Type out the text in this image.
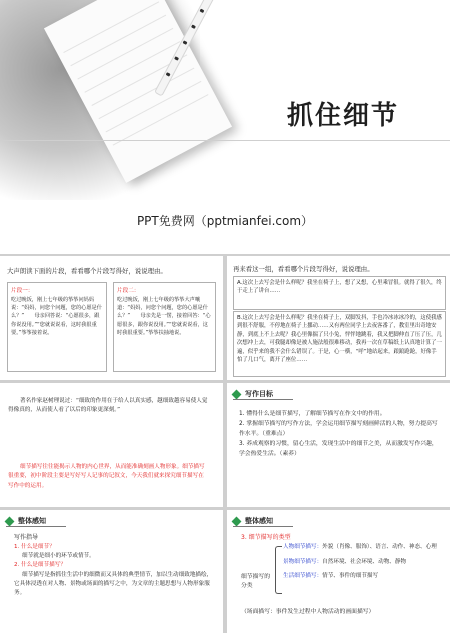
抓住细节
PPT免费网（pptmianfei.com）
大声朗读下面的片段，看看哪个片段写得好，说说理由。
片段一：
吃过晚饭，刚上七年级的筝筝问妈妈说：“妈妈，问您个问题，您的心愿是什么？”　　母亲回答说：“心愿很多，跟你说没用。”“您就说说看，这时我很重要。”筝筝接着说。
片段二：
吃过晚饭，刚上七年级的筝筝大声嚷道：“妈妈，问您个问题，您的心愿是什么？”　　母亲先是一愣，接着回答：“心愿很多，跟你说没用。”“您就说说看，这时我很重要。”筝筝扶抽地说。
再来看这一组，看看哪个片段写得好，说说理由。
A.这次上去写会是什么样呢？我坐在椅子上，想了又想，心里乘冒很。就得了很久，终于走上了讲台……
B.这次上去写会是什么样呢？我坐在椅子上，双脚发抖，手也冷冰冰冰冷的，这使我感到很不舒服，不停地在椅子上挪动……又有两位同学上去夜客番了，教室里出奇地安静，到底上不上去呢？我心里像揣了只小兔，怦怦地跳着，我又把脚伸直了压了压，几次想冲上去，可我腿却像是被人施法般很难移动，我再一次在草稿纸上认真地计算了一遍，似乎来的我不会什么错误了。于是，心一横，“呼”地站起来，踉踉跄跄，好像手怕了几口气，离开了座位……
著名作家赵树理说过：“细致的作用在于给人以真实感，越细致越容易使人觉得像真的，从而使人看了以后的印象更深刻。”
细节描写往往能揭示人物的内心世界，从而能准确刻画人物形象。细节描写很重要，初中阶段主要是写好写人记事的记叙文，今天我们就来探究细节描写在写作中的运用。
写作目标
1. 懂得什么是细节描写，了解细节描写在作文中的作用。
2. 掌握细节描写的写作方法，学会运用细节描写刻画鲜活的人物，努力提高写作水平。（重难点）
3. 养成观察的习惯，留心生活，发现生活中的细节之美，从而激发写作兴趣，学会热爱生活。（素养）
整体感知
写作指导
1. 什么是细节？
细节就是细小的环节或情节。
2. 什么是细节描写？
细节描写是指抓住生活中的细微而又具体的典型情节，加以生动细致地描绘，它具体浸透在对人物、景物或场面的描写之中，为文章的主题思想与人物形象服务。
整体感知
3. 细节描写的类型
细节描写的分类
人物细节描写：外貌（肖像、服饰）、语言、动作、神态、心理
景物细节描写：自然环境、社会环境、动物、静物
生活细节描写：情节、事件的细节描写
（场面描写：事件发生过程中人物活动的画面描写）
